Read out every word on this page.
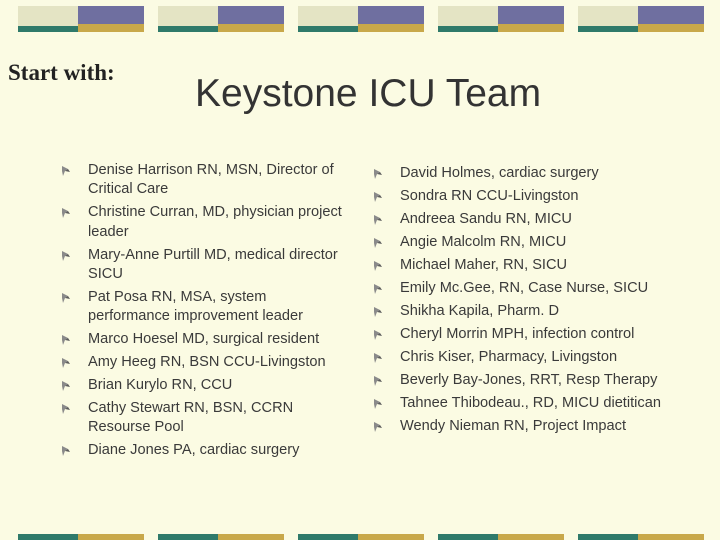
Start with: Keystone ICU Team
Denise Harrison RN, MSN, Director of Critical Care
Christine Curran, MD, physician project leader
Mary-Anne Purtill MD, medical director SICU
Pat Posa RN, MSA, system performance improvement leader
Marco Hoesel MD, surgical resident
Amy Heeg RN, BSN CCU-Livingston
Brian Kurylo RN, CCU
Cathy Stewart RN, BSN, CCRN Resourse Pool
Diane Jones PA, cardiac surgery
David Holmes, cardiac surgery
Sondra RN CCU-Livingston
Andreea Sandu RN, MICU
Angie Malcolm RN, MICU
Michael Maher, RN, SICU
Emily Mc.Gee, RN, Case Nurse, SICU
Shikha Kapila, Pharm. D
Cheryl Morrin MPH, infection control
Chris Kiser, Pharmacy, Livingston
Beverly Bay-Jones, RRT, Resp Therapy
Tahnee Thibodeau., RD, MICU dietitican
Wendy Nieman RN, Project Impact
